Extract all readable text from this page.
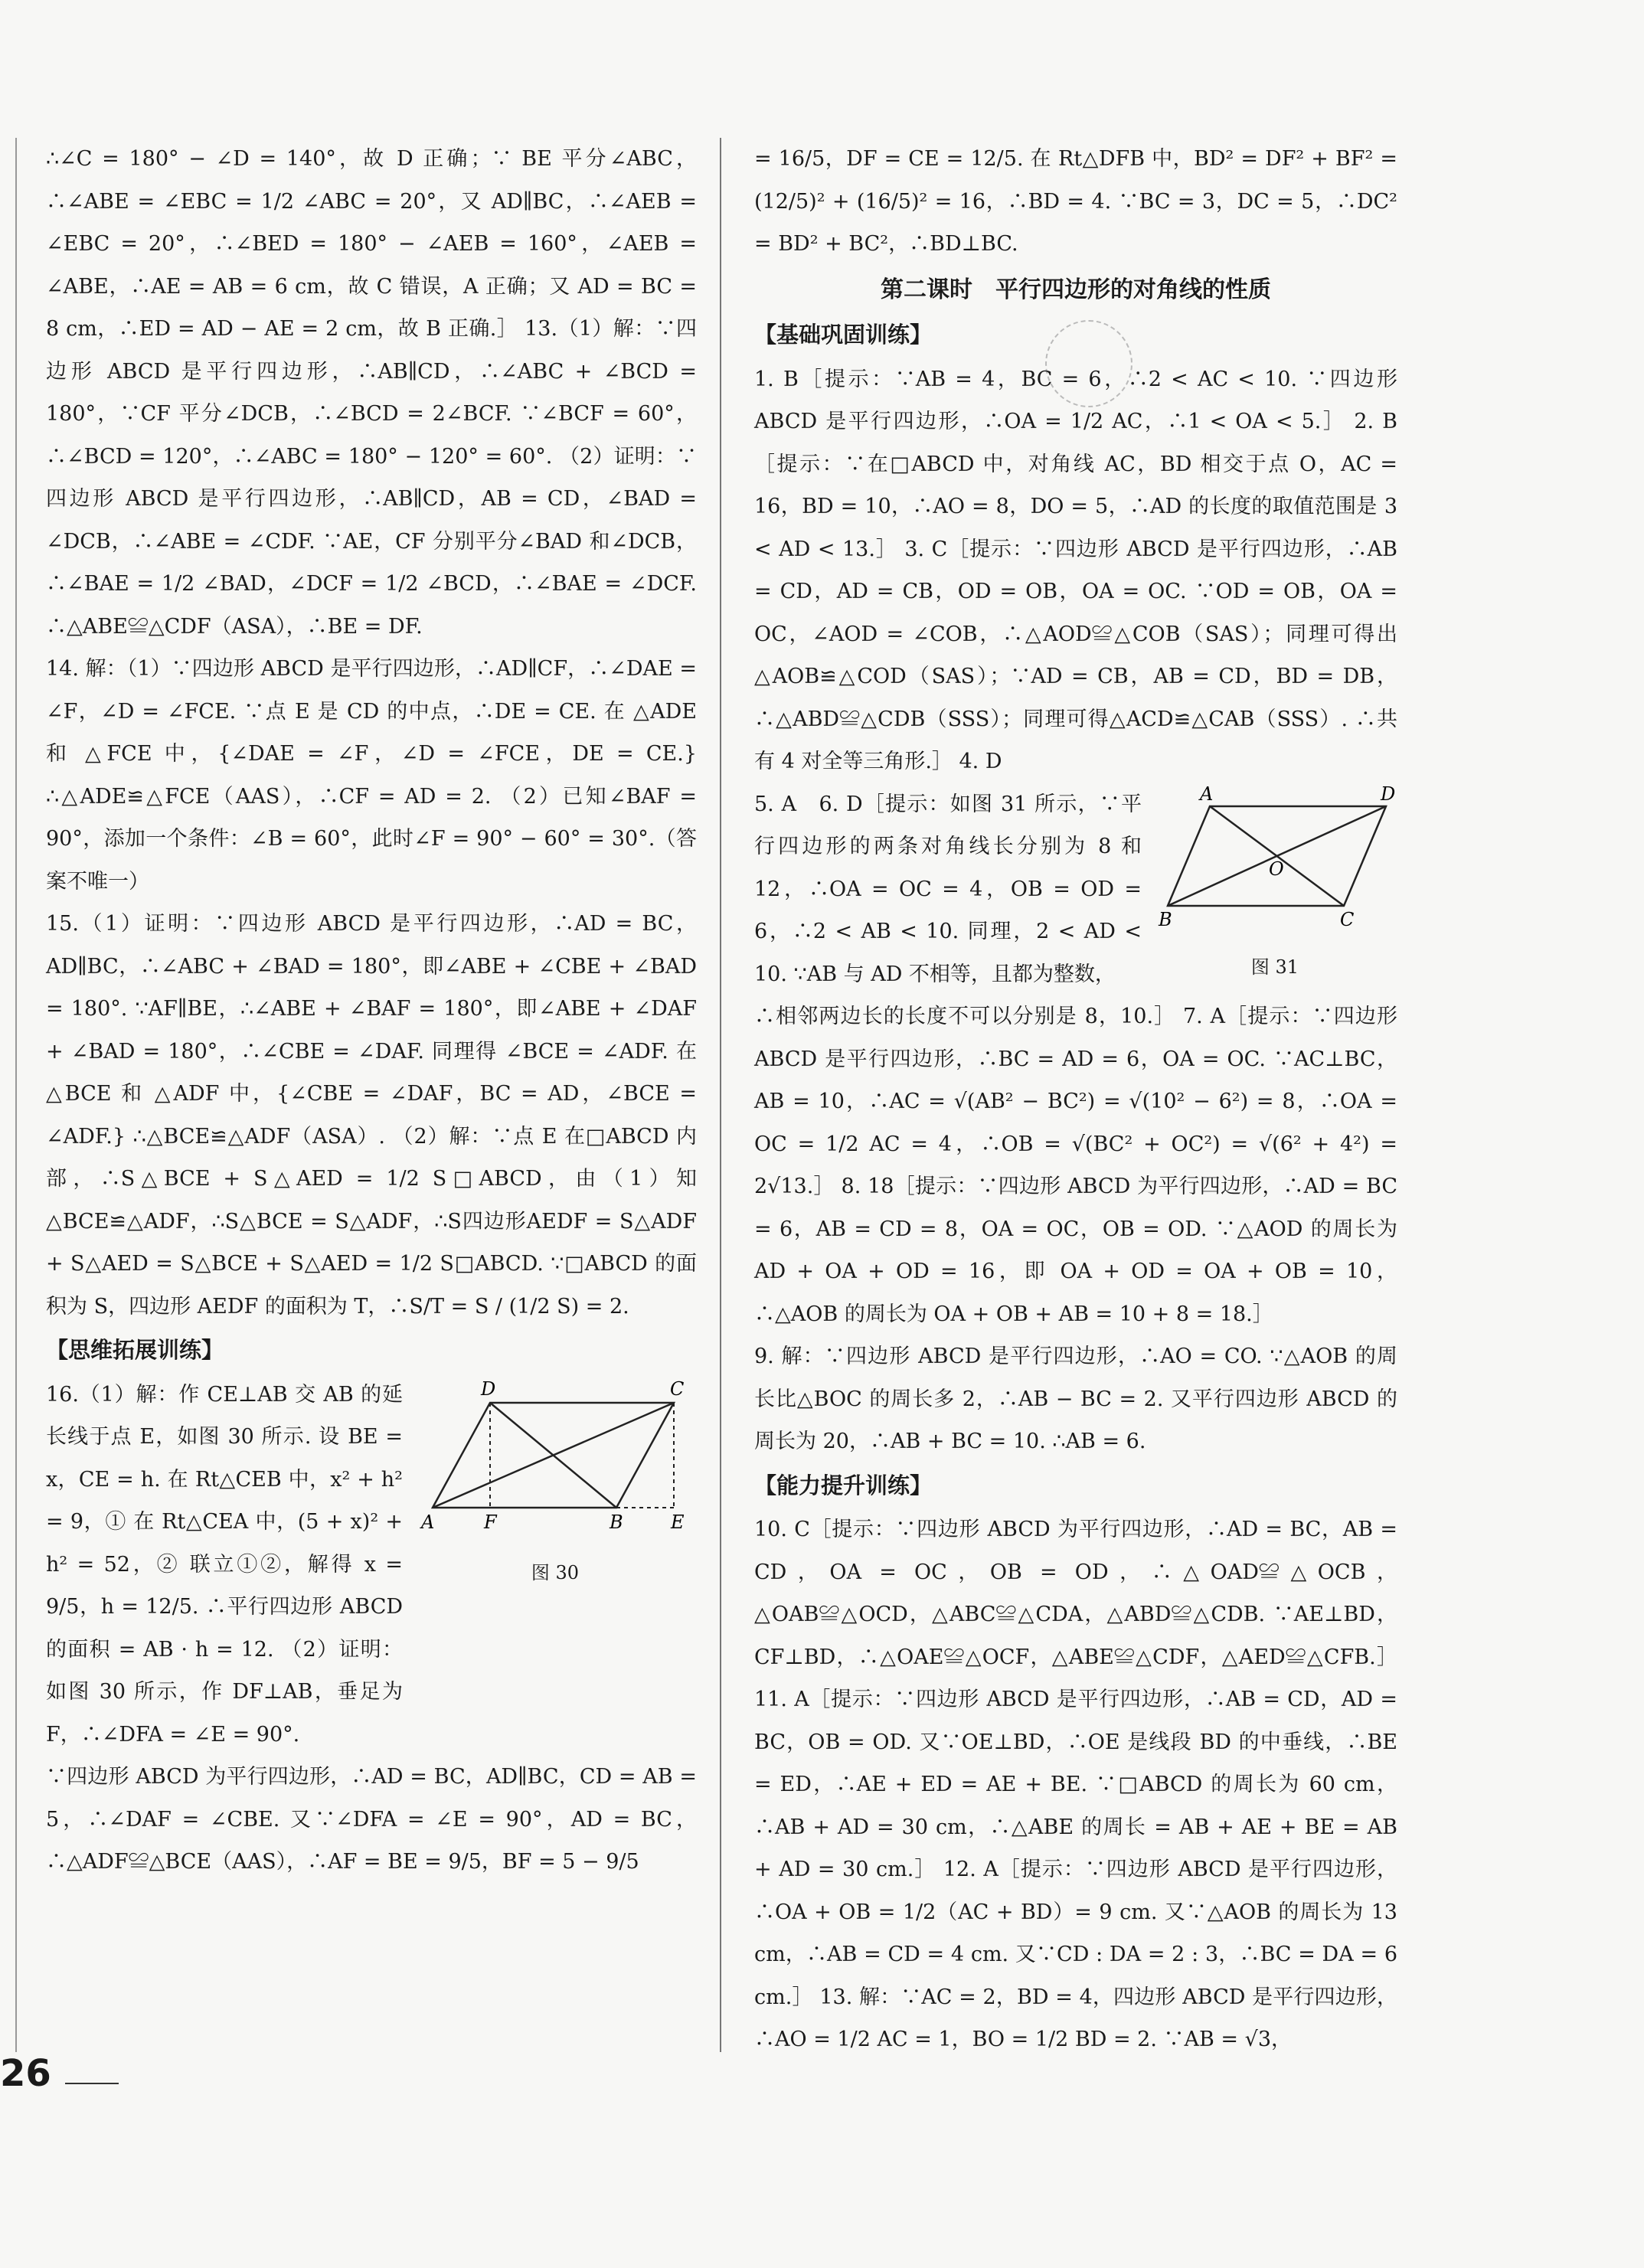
∴∠C = 180° − ∠D = 140°，故 D 正确；∵ BE 平分∠ABC，∴∠ABE = ∠EBC = 1/2 ∠ABC = 20°，又 AD∥BC，∴∠AEB = ∠EBC = 20°，∴∠BED = 180° − ∠AEB = 160°，∠AEB = ∠ABE，∴AE = AB = 6 cm，故 C 错误，A 正确；又 AD = BC = 8 cm，∴ED = AD − AE = 2 cm，故 B 正确.］ 13.（1）解：∵四边形 ABCD 是平行四边形，∴AB∥CD，∴∠ABC + ∠BCD = 180°，∵CF 平分∠DCB，∴∠BCD = 2∠BCF. ∵∠BCF = 60°，∴∠BCD = 120°，∴∠ABC = 180° − 120° = 60°. （2）证明：∵四边形 ABCD 是平行四边形，∴AB∥CD，AB = CD，∠BAD = ∠DCB，∴∠ABE = ∠CDF. ∵AE，CF 分别平分∠BAD 和∠DCB，∴∠BAE = 1/2 ∠BAD，∠DCF = 1/2 ∠BCD，∴∠BAE = ∠DCF. ∴△ABE≌△CDF（ASA），∴BE = DF.

14. 解：（1）∵四边形 ABCD 是平行四边形，∴AD∥CF，∴∠DAE = ∠F，∠D = ∠FCE. ∵点 E 是 CD 的中点，∴DE = CE. 在 △ADE 和 △FCE 中，{∠DAE = ∠F，∠D = ∠FCE，DE = CE.} ∴△ADE≌△FCE（AAS），∴CF = AD = 2. （2）已知∠BAF = 90°，添加一个条件：∠B = 60°，此时∠F = 90° − 60° = 30°.（答案不唯一）

15.（1）证明：∵四边形 ABCD 是平行四边形，∴AD = BC，AD∥BC，∴∠ABC + ∠BAD = 180°，即∠ABE + ∠CBE + ∠BAD = 180°. ∵AF∥BE，∴∠ABE + ∠BAF = 180°，即∠ABE + ∠DAF + ∠BAD = 180°，∴∠CBE = ∠DAF. 同理得 ∠BCE = ∠ADF. 在 △BCE 和 △ADF 中，{∠CBE = ∠DAF，BC = AD，∠BCE = ∠ADF.} ∴△BCE≌△ADF（ASA）. （2）解：∵点 E 在□ABCD 内部，∴S△BCE + S△AED = 1/2 S□ABCD，由（1）知 △BCE≌△ADF，∴S△BCE = S△ADF，∴S四边形AEDF = S△ADF + S△AED = S△BCE + S△AED = 1/2 S□ABCD. ∵□ABCD 的面积为 S，四边形 AEDF 的面积为 T，∴S/T = S / (1/2 S) = 2.

【思维拓展训练】

16.（1）解：作 CE⊥AB 交 AB 的延长线于点 E，如图 30 所示. 设 BE = x，CE = h. 在 Rt△CEB 中，x² + h² = 9，① 在 Rt△CEA 中，(5 + x)² + h² = 52，② 联立①②，解得 x = 9/5，h = 12/5. ∴平行四边形 ABCD 的面积 = AB · h = 12. （2）证明：如图 30 所示，作 DF⊥AB，垂足为 F，∴∠DFA = ∠E = 90°.

D	C
A	F	B	E
图 30

∵四边形 ABCD 为平行四边形，∴AD = BC，AD∥BC，CD = AB = 5，∴∠DAF = ∠CBE. 又∵∠DFA = ∠E = 90°，AD = BC，∴△ADF≌△BCE（AAS），∴AF = BE = 9/5，BF = 5 − 9/5

= 16/5，DF = CE = 12/5. 在 Rt△DFB 中，BD² = DF² + BF² = (12/5)² + (16/5)² = 16，∴BD = 4. ∵BC = 3，DC = 5，∴DC² = BD² + BC²，∴BD⊥BC.

第二课时　平行四边形的对角线的性质
【基础巩固训练】

1. B［提示：∵AB = 4，BC = 6，∴2 < AC < 10. ∵四边形 ABCD 是平行四边形，∴OA = 1/2 AC，∴1 < OA < 5.］ 2. B［提示：∵在□ABCD 中，对角线 AC，BD 相交于点 O，AC = 16，BD = 10，∴AO = 8，DO = 5，∴AD 的长度的取值范围是 3 < AD < 13.］ 3. C［提示：∵四边形 ABCD 是平行四边形，∴AB = CD，AD = CB，OD = OB，OA = OC. ∵OD = OB，OA = OC，∠AOD = ∠COB，∴△AOD≌△COB（SAS）；同理可得出 △AOB≌△COD（SAS）；∵AD = CB，AB = CD，BD = DB，∴△ABD≌△CDB（SSS）；同理可得△ACD≌△CAB（SSS）. ∴共有 4 对全等三角形.］ 4. D

5. A　6. D［提示：如图 31 所示，∵平行四边形的两条对角线长分别为 8 和 12，∴OA = OC = 4，OB = OD = 6，∴2 < AB < 10. 同理，2 < AD < 10. ∵AB 与 AD 不相等，且都为整数，

A	D
O
B	C
图 31

∴相邻两边长的长度不可以分别是 8，10.］ 7. A［提示：∵四边形 ABCD 是平行四边形，∴BC = AD = 6，OA = OC. ∵AC⊥BC，AB = 10，∴AC = √(AB² − BC²) = √(10² − 6²) = 8，∴OA = OC = 1/2 AC = 4，∴OB = √(BC² + OC²) = √(6² + 4²) = 2√13.］ 8. 18［提示：∵四边形 ABCD 为平行四边形，∴AD = BC = 6，AB = CD = 8，OA = OC，OB = OD. ∵△AOD 的周长为 AD + OA + OD = 16，即 OA + OD = OA + OB = 10，∴△AOB 的周长为 OA + OB + AB = 10 + 8 = 18.］

9. 解：∵四边形 ABCD 是平行四边形，∴AO = CO. ∵△AOB 的周长比△BOC 的周长多 2，∴AB − BC = 2. 又平行四边形 ABCD 的周长为 20，∴AB + BC = 10. ∴AB = 6.

【能力提升训练】

10. C［提示：∵四边形 ABCD 为平行四边形，∴AD = BC，AB = CD，OA = OC，OB = OD，∴△OAD≌△OCB，△OAB≌△OCD，△ABC≌△CDA，△ABD≌△CDB. ∵AE⊥BD，CF⊥BD，∴△OAE≌△OCF，△ABE≌△CDF，△AED≌△CFB.］ 11. A［提示：∵四边形 ABCD 是平行四边形，∴AB = CD，AD = BC，OB = OD. 又∵OE⊥BD，∴OE 是线段 BD 的中垂线，∴BE = ED，∴AE + ED = AE + BE. ∵□ABCD 的周长为 60 cm，∴AB + AD = 30 cm，∴△ABE 的周长 = AB + AE + BE = AB + AD = 30 cm.］ 12. A［提示：∵四边形 ABCD 是平行四边形，∴OA + OB = 1/2（AC + BD）= 9 cm. 又∵△AOB 的周长为 13 cm，∴AB = CD = 4 cm. 又∵CD : DA = 2 : 3，∴BC = DA = 6 cm.］ 13. 解：∵AC = 2，BD = 4，四边形 ABCD 是平行四边形，∴AO = 1/2 AC = 1，BO = 1/2 BD = 2. ∵AB = √3，

26
